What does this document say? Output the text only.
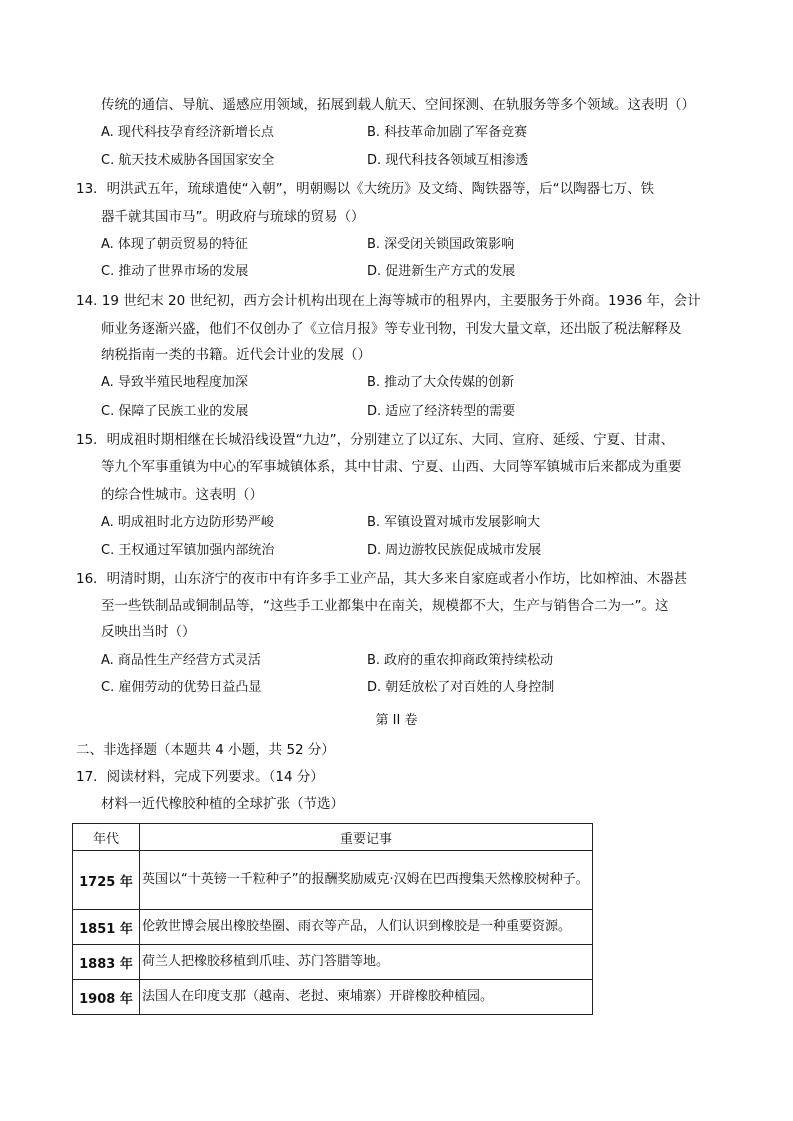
传统的通信、导航、遥感应用领域，拓展到载人航天、空间探测、在轨服务等多个领域。这表明（）
A. 现代科技孕育经济新增长点	B. 科技革命加剧了军备竞赛
C. 航天技术威胁各国国家安全	D. 现代科技各领域互相渗透
13．明洪武五年，琉球遣使“入朝”，明朝赐以《大统历》及文绮、陶铁器等，后“以陶器七万、铁
器千就其国市马”。明政府与琉球的贸易（）
A. 体现了朝贡贸易的特征	B. 深受闭关锁国政策影响
C. 推动了世界市场的发展	D. 促进新生产方式的发展
14. 19 世纪末 20 世纪初，西方会计机构出现在上海等城市的租界内，主要服务于外商。1936 年，会计
师业务逐渐兴盛，他们不仅创办了《立信月报》等专业刊物，刊发大量文章，还出版了税法解释及
纳税指南一类的书籍。近代会计业的发展（）
A. 导致半殖民地程度加深	B. 推动了大众传媒的创新
C. 保障了民族工业的发展	D. 适应了经济转型的需要
15．明成祖时期相继在长城沿线设置“九边”，分别建立了以辽东、大同、宣府、延绥、宁夏、甘肃、
等九个军事重镇为中心的军事城镇体系，其中甘肃、宁夏、山西、大同等军镇城市后来都成为重要
的综合性城市。这表明（）
A. 明成祖时北方边防形势严峻	B. 军镇设置对城市发展影响大
C. 王权通过军镇加强内部统治	D. 周边游牧民族促成城市发展
16．明清时期，山东济宁的夜市中有许多手工业产品，其大多来自家庭或者小作坊，比如榨油、木器甚
至一些铁制品或铜制品等，“这些手工业都集中在南关，规模都不大，生产与销售合二为一”。这
反映出当时（）
A. 商品性生产经营方式灵活	B. 政府的重农抑商政策持续松动
C. 雇佣劳动的优势日益凸显	D. 朝廷放松了对百姓的人身控制
第 II 卷
二、非选择题（本题共 4 小题，共 52 分）
17．阅读材料，完成下列要求。（14 分）
材料一近代橡胶种植的全球扩张（节选）
年代	重要记事
1725 年	英国以“十英镑一千粒种子”的报酬奖励威克·汉姆在巴西搜集天然橡胶树种子。
1851 年	伦敦世博会展出橡胶垫圈、雨衣等产品，人们认识到橡胶是一种重要资源。
1883 年	荷兰人把橡胶移植到爪哇、苏门答腊等地。
1908 年	法国人在印度支那（越南、老挝、柬埔寨）开辟橡胶种植园。
